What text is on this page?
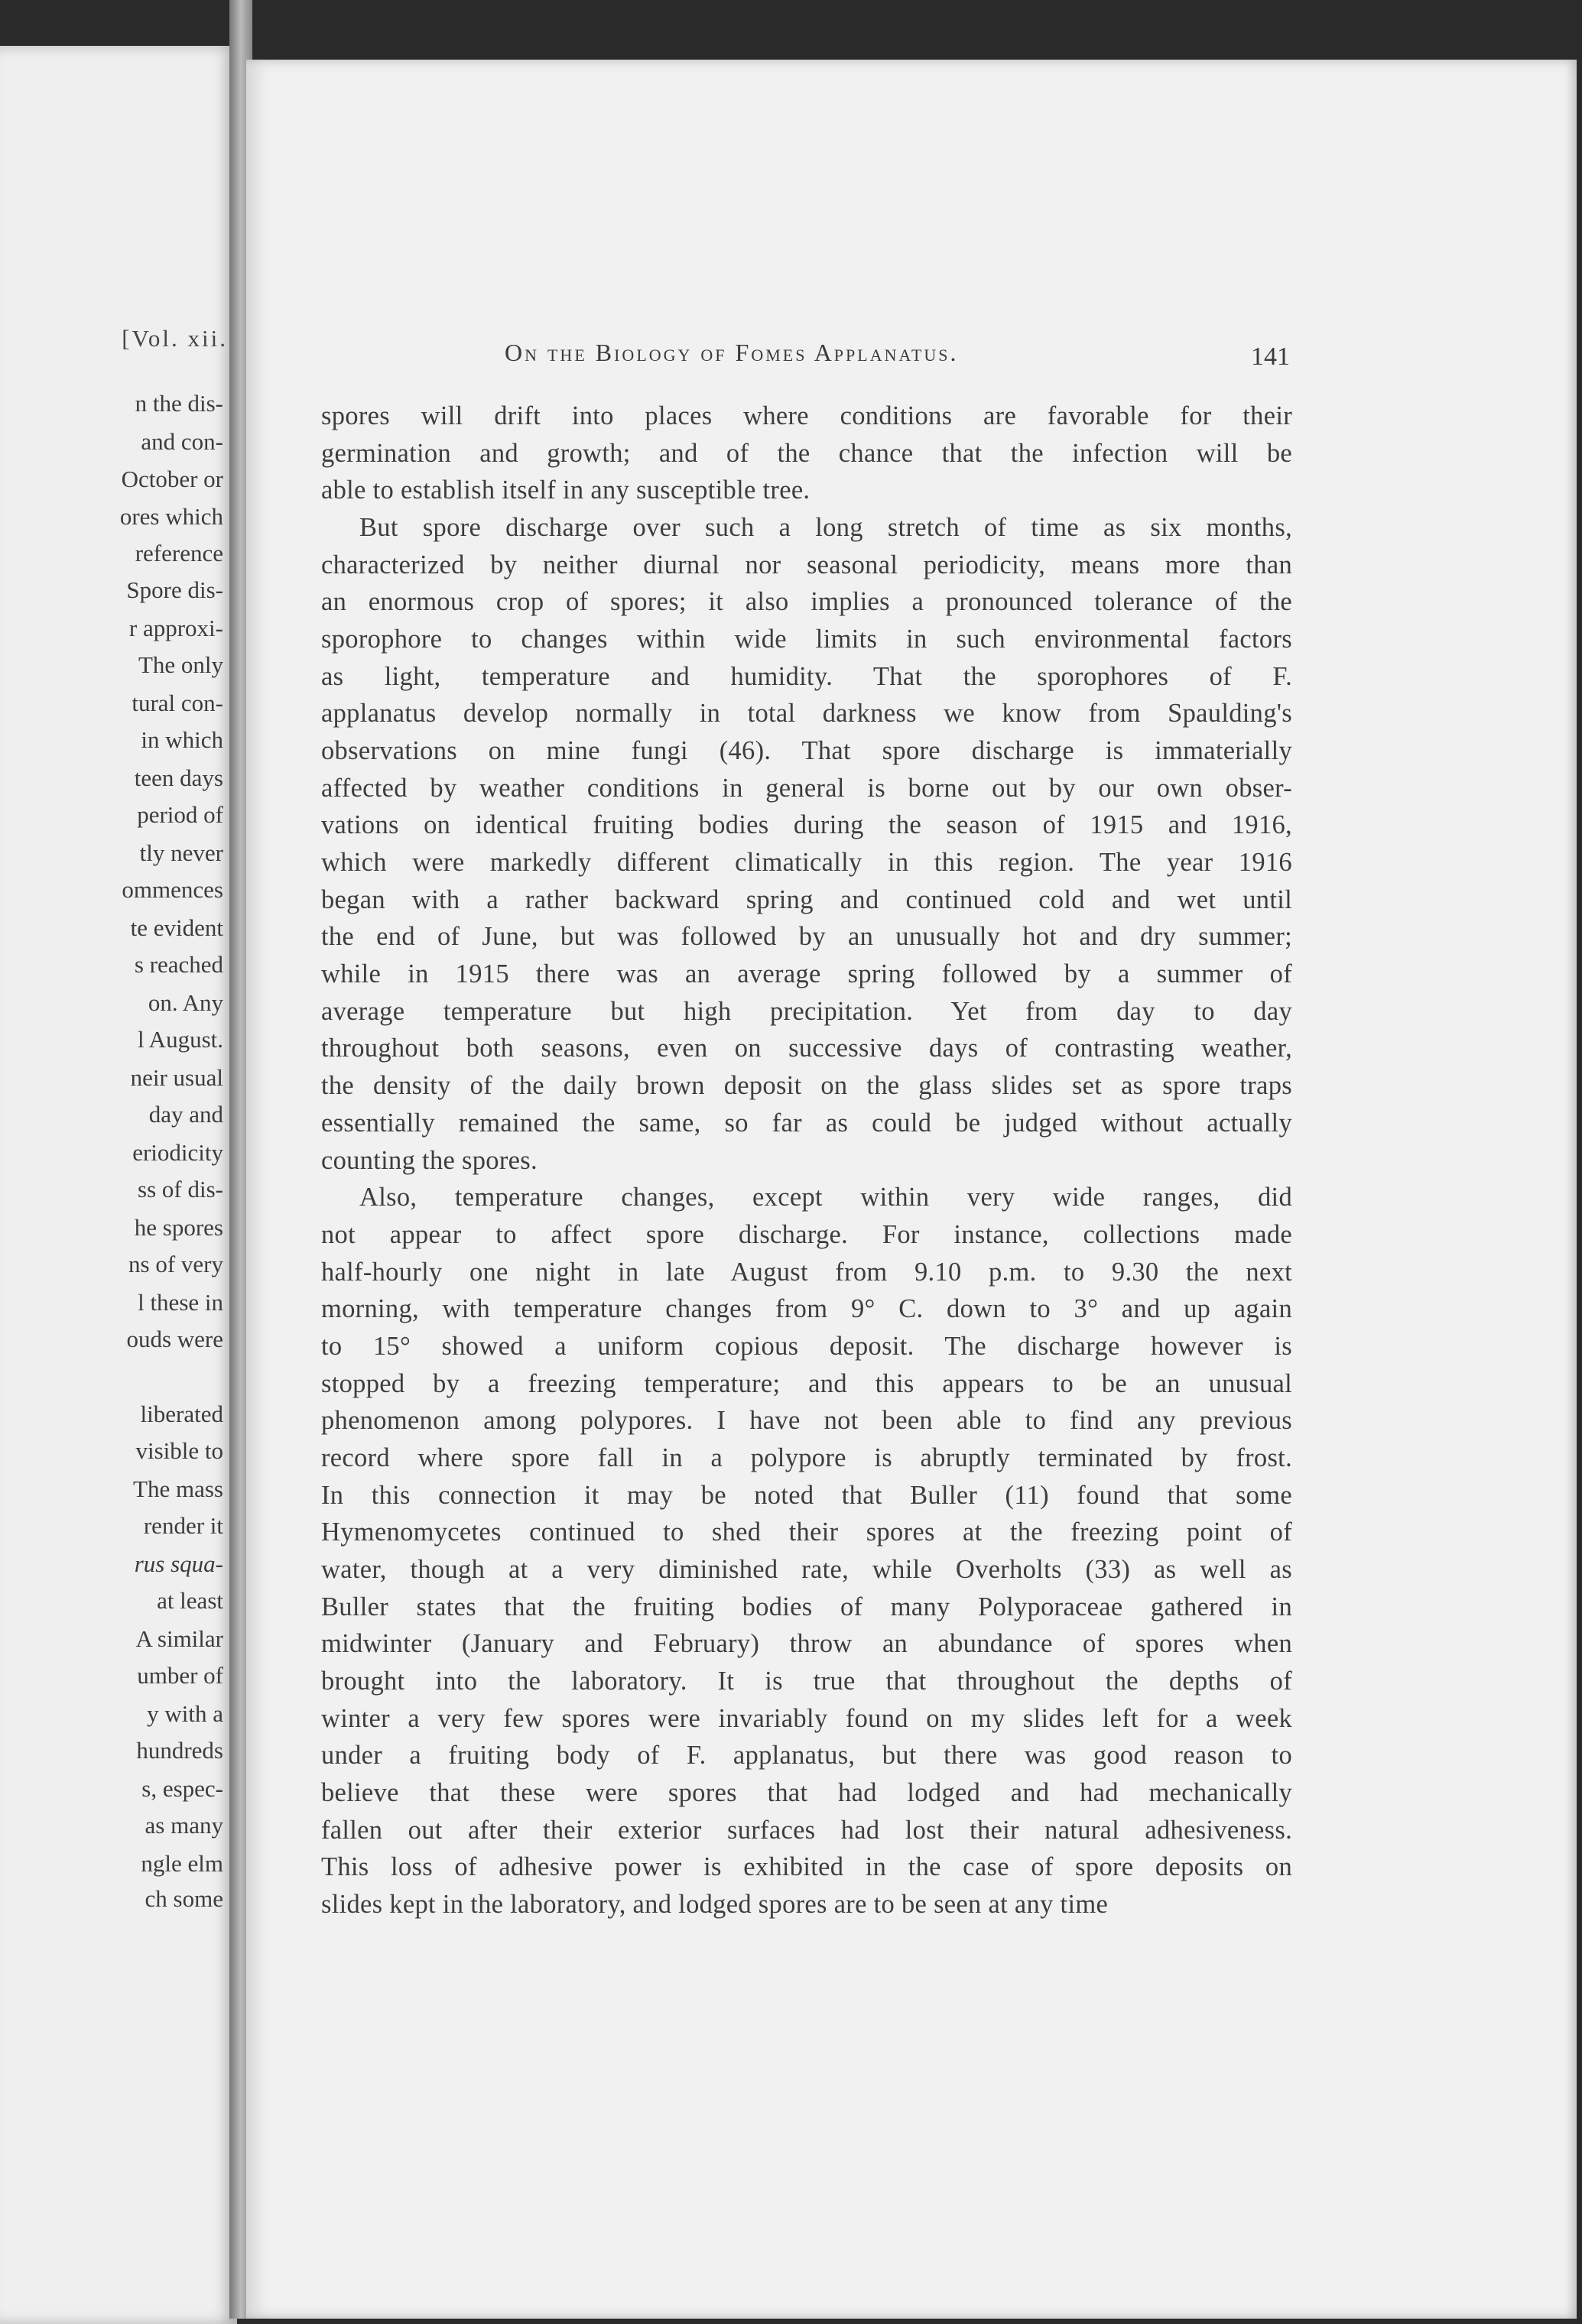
[Vol. xii.
n the dis-
and con-
October or
ores which
reference
Spore dis-
r approxi-
The only
tural con-
in which
teen days
period of
tly never
ommences
te evident
s reached
on. Any
l August.
neir usual
day and
eriodicity
ss of dis-
he spores
ns of very
l these in
ouds were
liberated
visible to
The mass
render it
rus squa-
at least
A similar
umber of
y with a
hundreds
s, espec-
as many
ngle elm
ch some
On the Biology of Fomes Applanatus.	141
spores will drift into places where conditions are favorable for their
germination and growth; and of the chance that the infection will be
able to establish itself in any susceptible tree.
But spore discharge over such a long stretch of time as six months,
characterized by neither diurnal nor seasonal periodicity, means more than
an enormous crop of spores; it also implies a pronounced tolerance of the
sporophore to changes within wide limits in such environmental factors
as light, temperature and humidity. That the sporophores of F.
applanatus develop normally in total darkness we know from Spaulding's
observations on mine fungi (46). That spore discharge is immaterially
affected by weather conditions in general is borne out by our own obser-
vations on identical fruiting bodies during the season of 1915 and 1916,
which were markedly different climatically in this region. The year 1916
began with a rather backward spring and continued cold and wet until
the end of June, but was followed by an unusually hot and dry summer;
while in 1915 there was an average spring followed by a summer of
average temperature but high precipitation. Yet from day to day
throughout both seasons, even on successive days of contrasting weather,
the density of the daily brown deposit on the glass slides set as spore traps
essentially remained the same, so far as could be judged without actually
counting the spores.
Also, temperature changes, except within very wide ranges, did
not appear to affect spore discharge. For instance, collections made
half-hourly one night in late August from 9.10 p.m. to 9.30 the next
morning, with temperature changes from 9° C. down to 3° and up again
to 15° showed a uniform copious deposit. The discharge however is
stopped by a freezing temperature; and this appears to be an unusual
phenomenon among polypores. I have not been able to find any previous
record where spore fall in a polypore is abruptly terminated by frost.
In this connection it may be noted that Buller (11) found that some
Hymenomycetes continued to shed their spores at the freezing point of
water, though at a very diminished rate, while Overholts (33) as well as
Buller states that the fruiting bodies of many Polyporaceae gathered in
midwinter (January and February) throw an abundance of spores when
brought into the laboratory. It is true that throughout the depths of
winter a very few spores were invariably found on my slides left for a week
under a fruiting body of F. applanatus, but there was good reason to
believe that these were spores that had lodged and had mechanically
fallen out after their exterior surfaces had lost their natural adhesiveness.
This loss of adhesive power is exhibited in the case of spore deposits on
slides kept in the laboratory, and lodged spores are to be seen at any time
